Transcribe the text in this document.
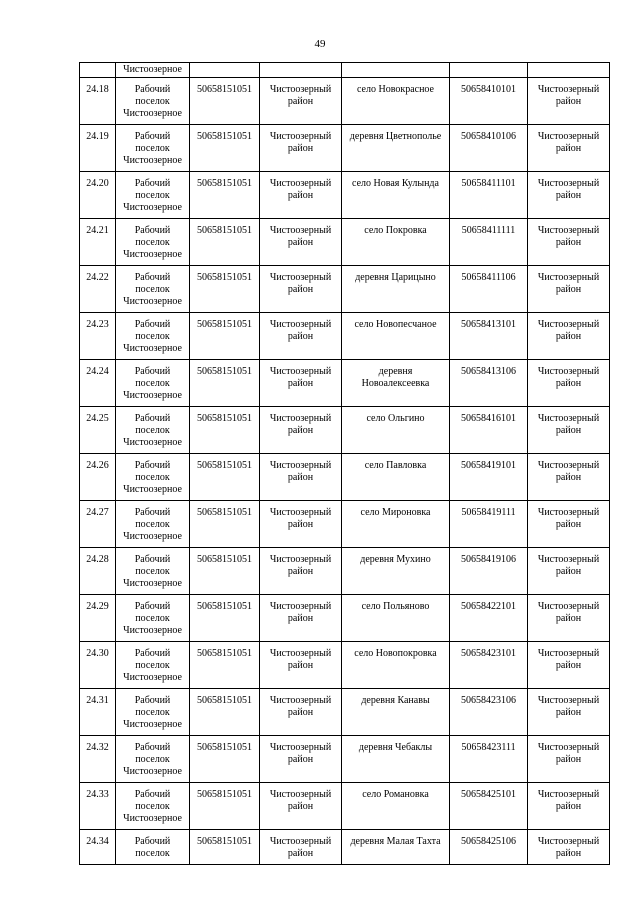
49
	Чистоозерное					
24.18	Рабочий поселок Чистоозерное	50658151051	Чистоозерный район	село Новокрасное	50658410101	Чистоозерный район
24.19	Рабочий поселок Чистоозерное	50658151051	Чистоозерный район	деревня Цветнополье	50658410106	Чистоозерный район
24.20	Рабочий поселок Чистоозерное	50658151051	Чистоозерный район	село Новая Кулында	50658411101	Чистоозерный район
24.21	Рабочий поселок Чистоозерное	50658151051	Чистоозерный район	село Покровка	50658411111	Чистоозерный район
24.22	Рабочий поселок Чистоозерное	50658151051	Чистоозерный район	деревня Царицыно	50658411106	Чистоозерный район
24.23	Рабочий поселок Чистоозерное	50658151051	Чистоозерный район	село Новопесчаное	50658413101	Чистоозерный район
24.24	Рабочий поселок Чистоозерное	50658151051	Чистоозерный район	деревня Новоалексеевка	50658413106	Чистоозерный район
24.25	Рабочий поселок Чистоозерное	50658151051	Чистоозерный район	село Ольгино	50658416101	Чистоозерный район
24.26	Рабочий поселок Чистоозерное	50658151051	Чистоозерный район	село Павловка	50658419101	Чистоозерный район
24.27	Рабочий поселок Чистоозерное	50658151051	Чистоозерный район	село Мироновка	50658419111	Чистоозерный район
24.28	Рабочий поселок Чистоозерное	50658151051	Чистоозерный район	деревня Мухино	50658419106	Чистоозерный район
24.29	Рабочий поселок Чистоозерное	50658151051	Чистоозерный район	село Польяново	50658422101	Чистоозерный район
24.30	Рабочий поселок Чистоозерное	50658151051	Чистоозерный район	село Новопокровка	50658423101	Чистоозерный район
24.31	Рабочий поселок Чистоозерное	50658151051	Чистоозерный район	деревня Канавы	50658423106	Чистоозерный район
24.32	Рабочий поселок Чистоозерное	50658151051	Чистоозерный район	деревня Чебаклы	50658423111	Чистоозерный район
24.33	Рабочий поселок Чистоозерное	50658151051	Чистоозерный район	село Романовка	50658425101	Чистоозерный район
24.34	Рабочий поселок	50658151051	Чистоозерный район	деревня Малая Тахта	50658425106	Чистоозерный район
